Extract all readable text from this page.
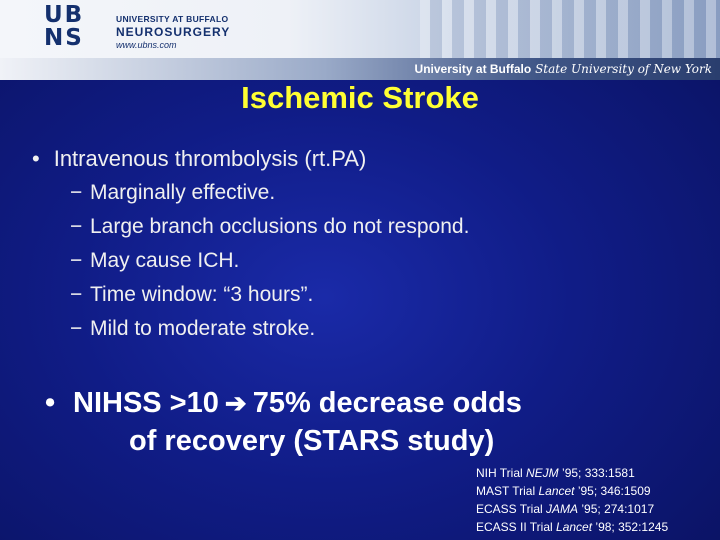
UB
NS
UNIVERSITY AT BUFFALO
NEUROSURGERY
www.ubns.com
University at Buffalo State University of New York
Ischemic Stroke
• Intravenous thrombolysis (rt.PA)
− Marginally effective.
− Large branch occlusions do not respond.
− May cause ICH.
− Time window: “3 hours”.
− Mild to moderate stroke.
• NIHSS >10 ➔ 75% decrease odds
of recovery (STARS study)
NIH Trial NEJM ’95; 333:1581
MAST Trial Lancet ’95; 346:1509
ECASS Trial JAMA ’95; 274:1017
ECASS II Trial Lancet ’98; 352:1245
